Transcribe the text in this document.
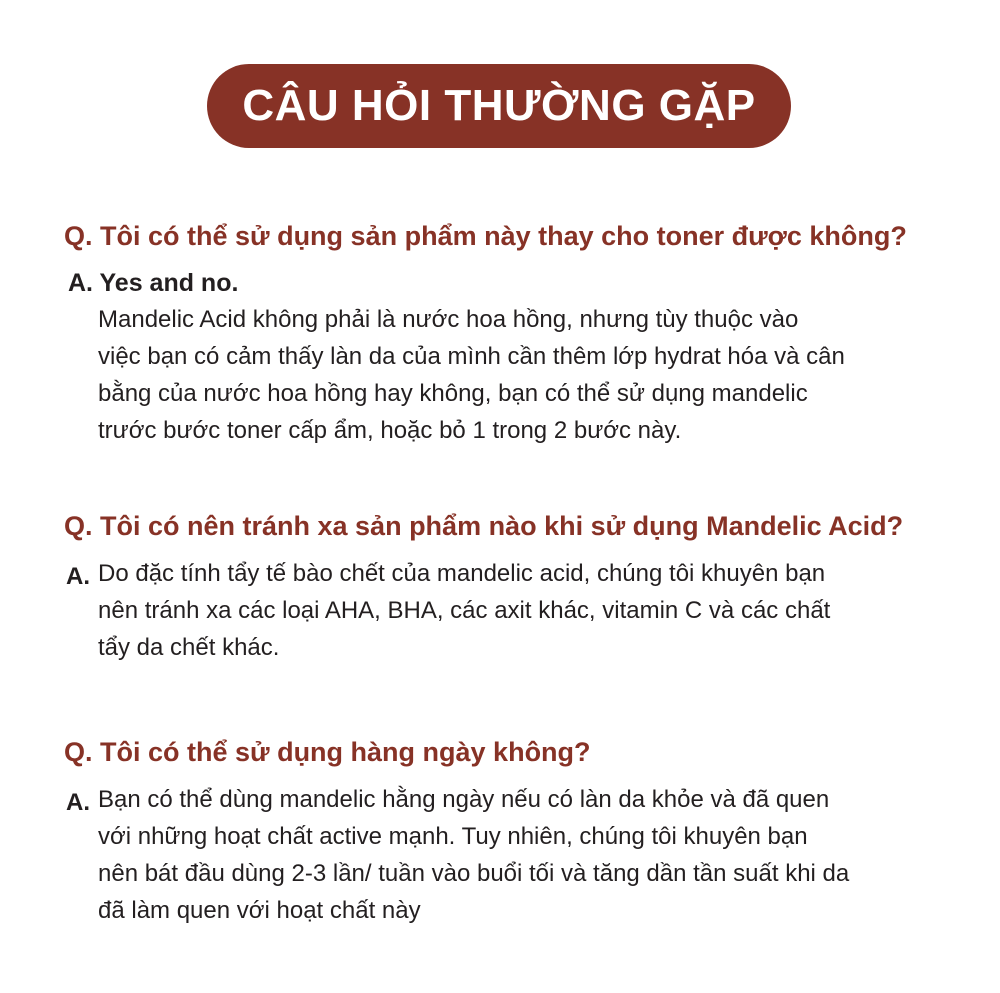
CÂU HỎI THƯỜNG GẶP
Q. Tôi có thể sử dụng sản phẩm này thay cho toner được không?
A. Yes and no.
Mandelic Acid không phải là nước hoa hồng, nhưng tùy thuộc vào
việc bạn có cảm thấy làn da của mình cần thêm lớp hydrat hóa và cân
bằng của nước hoa hồng hay không, bạn có thể sử dụng mandelic
trước bước toner cấp ẩm, hoặc bỏ 1 trong 2 bước này.
Q. Tôi có nên tránh xa sản phẩm nào khi sử dụng Mandelic Acid?
A. Do đặc tính tẩy tế bào chết của mandelic acid, chúng tôi khuyên bạn
nên tránh xa các loại AHA, BHA, các axit khác, vitamin C và các chất
tẩy da chết khác.
Q. Tôi có thể sử dụng hàng ngày không?
A. Bạn có thể dùng mandelic hằng ngày nếu có làn da khỏe và đã quen
với những hoạt chất active mạnh. Tuy nhiên, chúng tôi khuyên bạn
nên bát đầu dùng 2-3 lần/ tuần vào buổi tối và tăng dần tần suất khi da
đã làm quen với hoạt chất này
